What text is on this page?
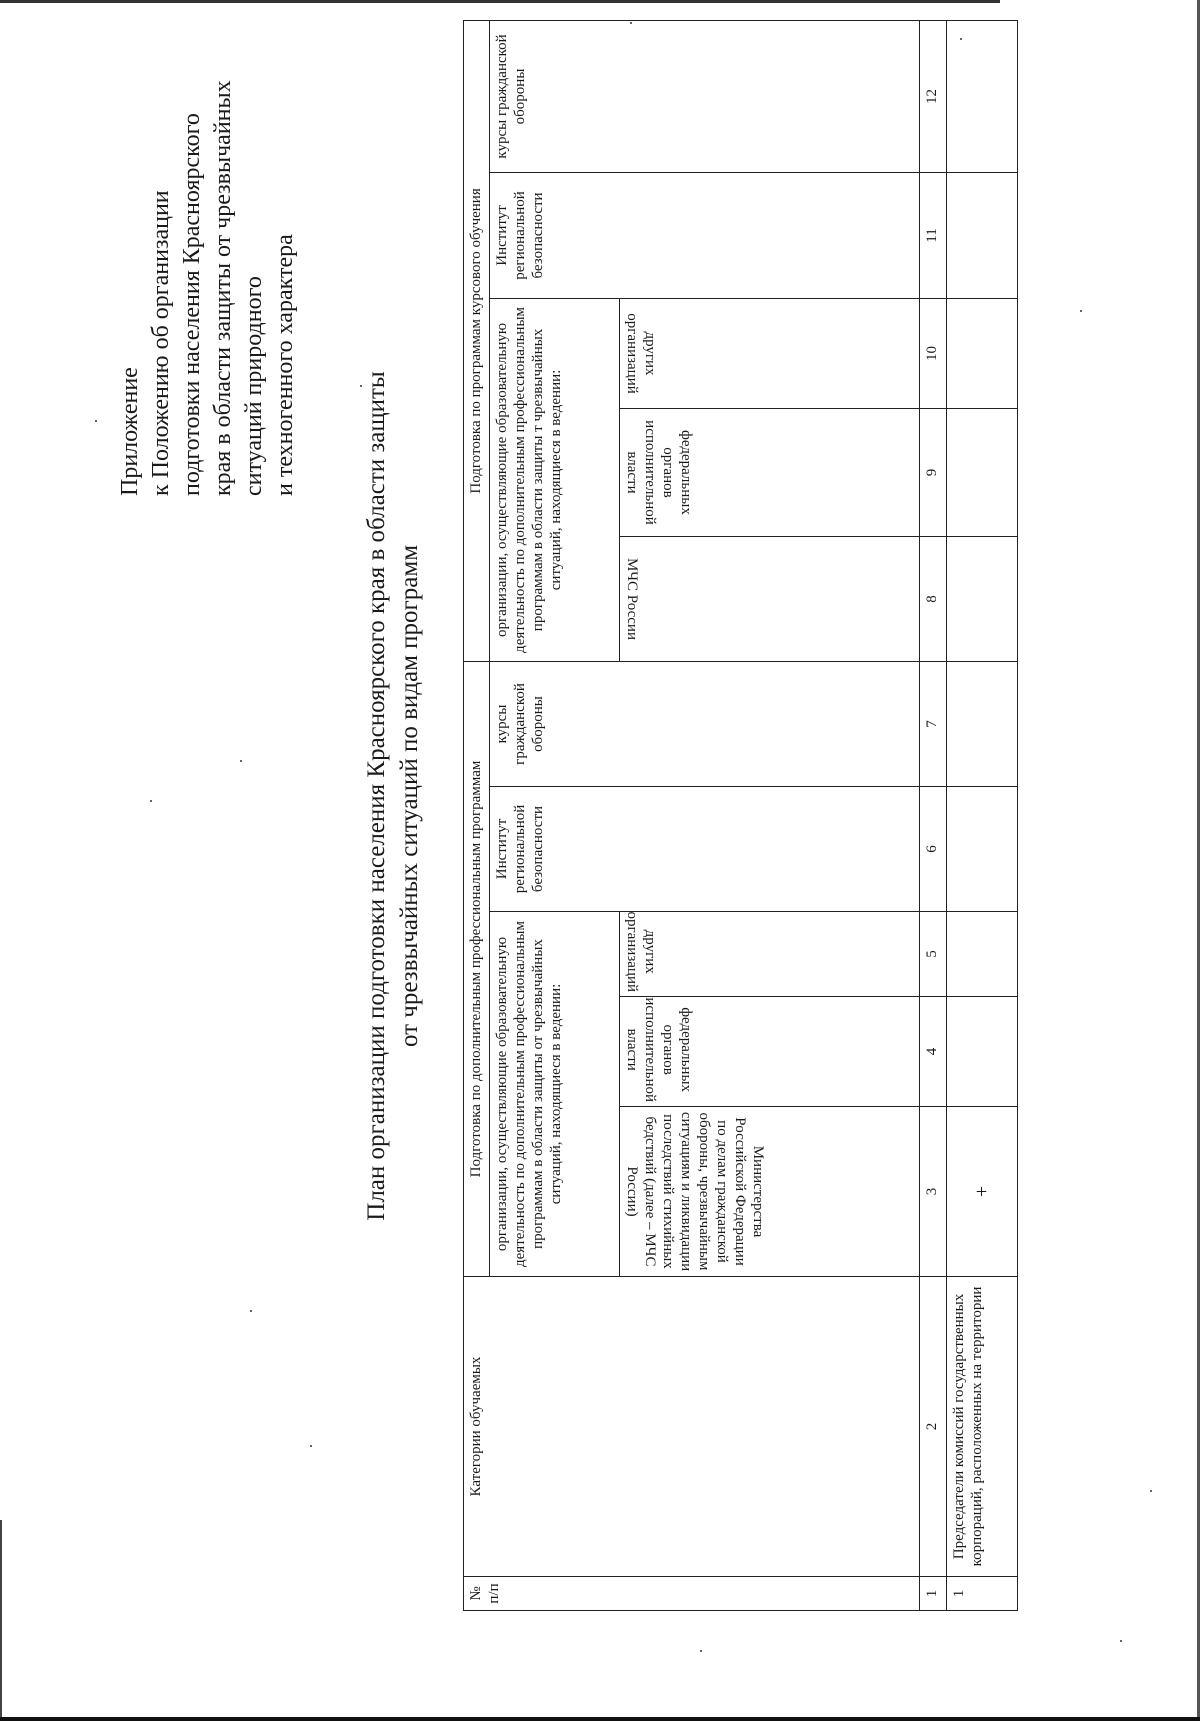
Приложение к Положению об организации подготовки населения Красноярского края в области защиты от чрезвычайных ситуаций природного и техногенного характера
План организации подготовки населения Красноярского края в области защиты от чрезвычайных ситуаций по видам программ
№ п/п	Категории обучаемых	Подготовка по дополнительным профессиональным программам					Подготовка по программам курсового обучения				
		организации, осуществляющие образовательную деятельность по дополнительным профессиональным программам в области защиты от чрезвычайных ситуаций, находящиеся в ведении:			Институт региональной безопасности	курсы гражданской обороны	организации, осуществляющие образовательную деятельность по дополнительным профессиональным программам в области защиты т чрезвычайных ситуаций, находящиеся в ведении:			Институт региональной безопасности	курсы гражданской обороны
		Министерства Российской Федерации по делам гражданской обороны, чрезвычайным ситуациям и ликвидации последствий стихийных бедствий (далее – МЧС России)	федеральных органов исполнительной власти	других организаций			МЧС России	федеральных органов исполнительной власти	других организаций		
1	2	3	4	5	6	7	8	9	10	11	12
1	Председатели комиссий государственных корпораций, расположенных на территории	+									
